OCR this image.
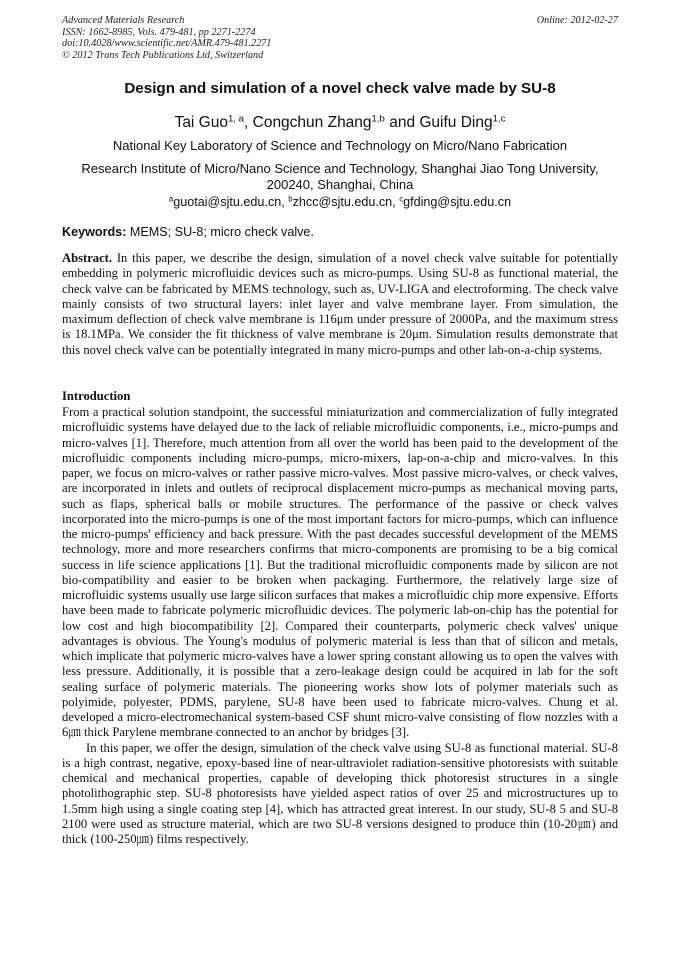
Advanced Materials Research
ISSN: 1662-8985, Vols. 479-481, pp 2271-2274
doi:10.4028/www.scientific.net/AMR.479-481.2271
© 2012 Trans Tech Publications Ltd, Switzerland
Online: 2012-02-27
Design and simulation of a novel check valve made by SU-8
Tai Guo$^{1, a}$, Congchun Zhang$^{1,b}$ and Guifu Ding$^{1,c}$
National Key Laboratory of Science and Technology on Micro/Nano Fabrication
Research Institute of Micro/Nano Science and Technology, Shanghai Jiao Tong University, 200240, Shanghai, China
$^a$guotai@sjtu.edu.cn, $^b$zhcc@sjtu.edu.cn, $^c$gfding@sjtu.edu.cn
Keywords: MEMS; SU-8; micro check valve.
Abstract. In this paper, we describe the design, simulation of a novel check valve suitable for potentially embedding in polymeric microfluidic devices such as micro-pumps. Using SU-8 as functional material, the check valve can be fabricated by MEMS technology, such as, UV-LIGA and electroforming. The check valve mainly consists of two structural layers: inlet layer and valve membrane layer. From simulation, the maximum deflection of check valve membrane is 116μm under pressure of 2000Pa, and the maximum stress is 18.1MPa. We consider the fit thickness of valve membrane is 20μm. Simulation results demonstrate that this novel check valve can be potentially integrated in many micro-pumps and other lab-on-a-chip systems.
Introduction

From a practical solution standpoint, the successful miniaturization and commercialization of fully integrated microfluidic systems have delayed due to the lack of reliable microfluidic components, i.e., micro-pumps and micro-valves [1]. Therefore, much attention from all over the world has been paid to the development of the microfluidic components including micro-pumps, micro-mixers, lap-on-a-chip and micro-valves. In this paper, we focus on micro-valves or rather passive micro-valves. Most passive micro-valves, or check valves, are incorporated in inlets and outlets of reciprocal displacement micro-pumps as mechanical moving parts, such as flaps, spherical balls or mobile structures. The performance of the passive or check valves incorporated into the micro-pumps is one of the most important factors for micro-pumps, which can influence the micro-pumps' efficiency and back pressure. With the past decades successful development of the MEMS technology, more and more researchers confirms that micro-components are promising to be a big comical success in life science applications [1]. But the traditional microfluidic components made by silicon are not bio-compatibility and easier to be broken when packaging. Furthermore, the relatively large size of microfluidic systems usually use large silicon surfaces that makes a microfluidic chip more expensive. Efforts have been made to fabricate polymeric microfluidic devices. The polymeric lab-on-chip has the potential for low cost and high biocompatibility [2]. Compared their counterparts, polymeric check valves' unique advantages is obvious. The Young's modulus of polymeric material is less than that of silicon and metals, which implicate that polymeric micro-valves have a lower spring constant allowing us to open the valves with less pressure. Additionally, it is possible that a zero-leakage design could be acquired in lab for the soft sealing surface of polymeric materials. The pioneering works show lots of polymer materials such as polyimide, polyester, PDMS, parylene, SU-8 have been used to fabricate micro-valves. Chung et al. developed a micro-electromechanical system-based CSF shunt micro-valve consisting of flow nozzles with a 6㎛ thick Parylene membrane connected to an anchor by bridges [3].

In this paper, we offer the design, simulation of the check valve using SU-8 as functional material. SU-8 is a high contrast, negative, epoxy-based line of near-ultraviolet radiation-sensitive photoresists with suitable chemical and mechanical properties, capable of developing thick photoresist structures in a single photolithographic step. SU-8 photoresists have yielded aspect ratios of over 25 and microstructures up to 1.5mm high using a single coating step [4], which has attracted great interest. In our study, SU-8 5 and SU-8 2100 were used as structure material, which are two SU-8 versions designed to produce thin (10-20㎛) and thick (100-250㎛) films respectively.
